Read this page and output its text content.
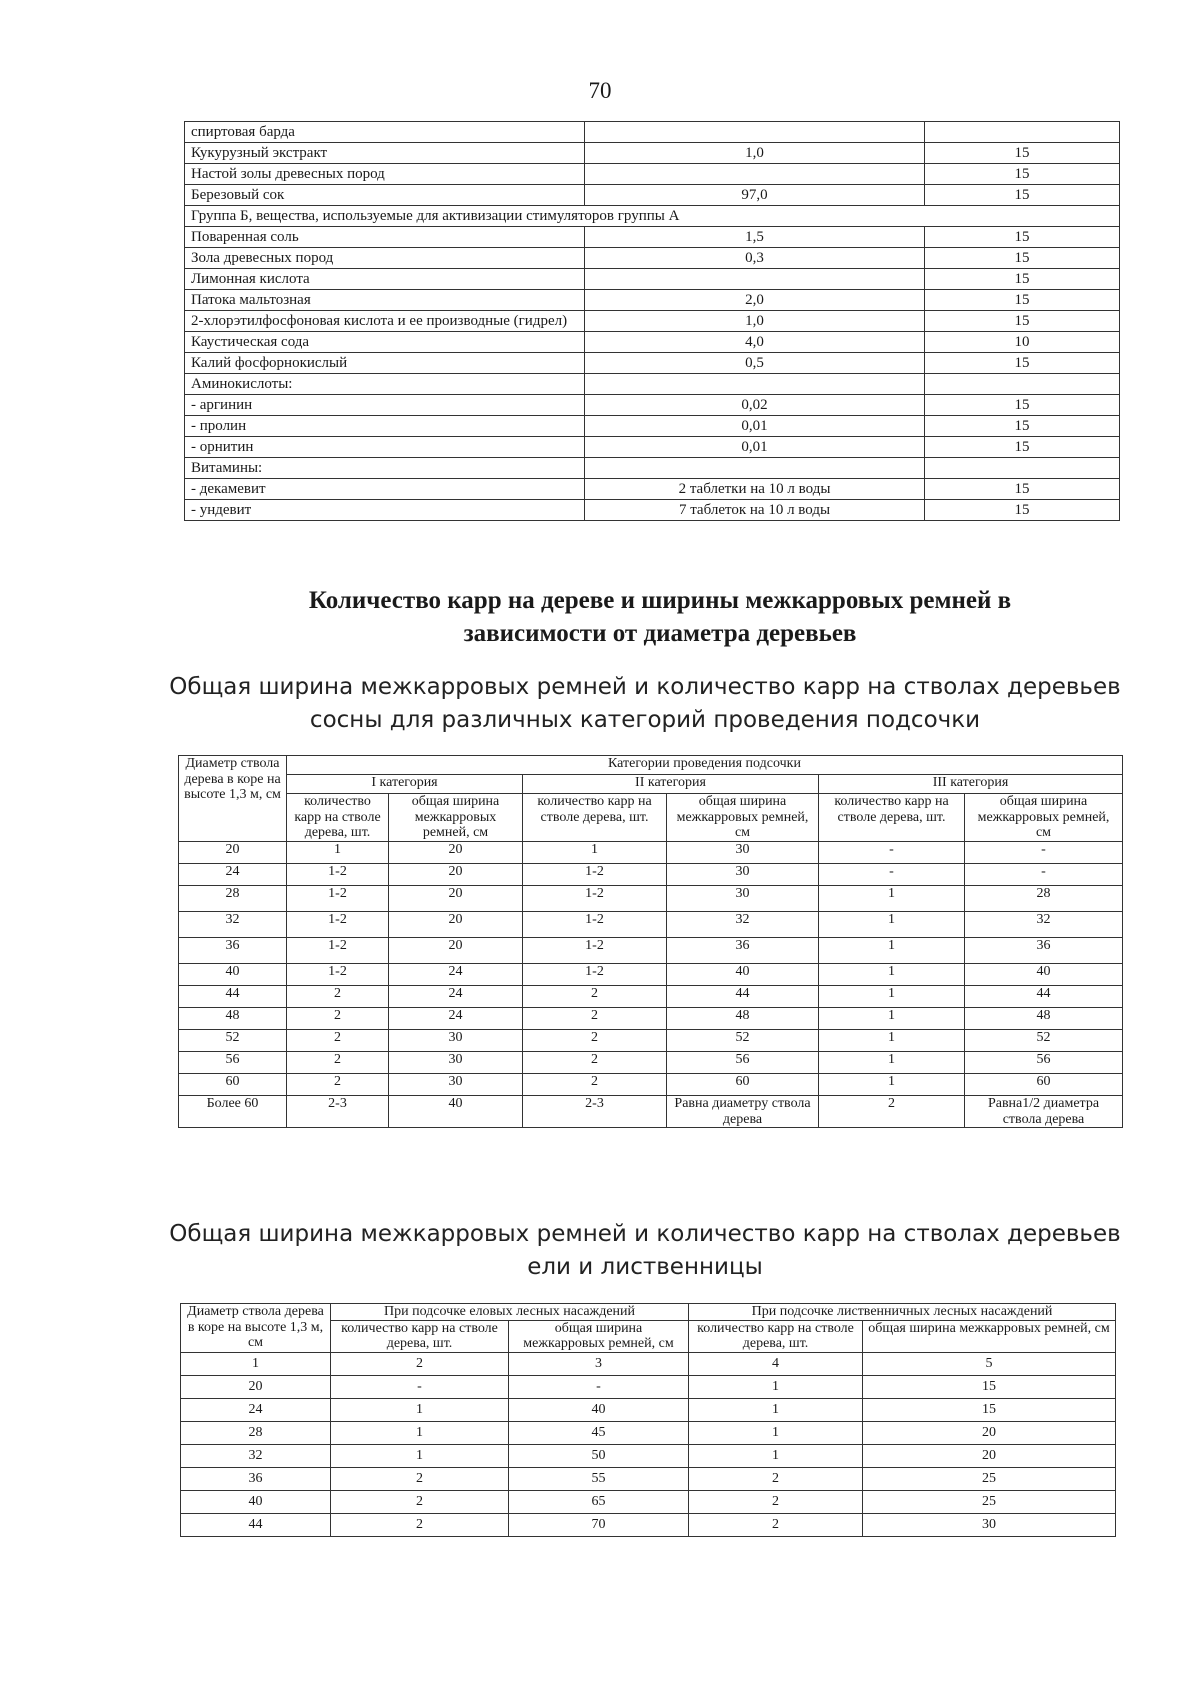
70
спиртовая барда		
Кукурузный экстракт	1,0	15
Настой золы древесных пород		15
Березовый сок	97,0	15
Группа Б, вещества, используемые для активизации стимуляторов группы А		
Поваренная соль	1,5	15
Зола древесных пород	0,3	15
Лимонная кислота		15
Патока мальтозная	2,0	15
2-хлорэтилфосфоновая кислота и ее производные (гидрел)	1,0	15
Каустическая сода	4,0	10
Калий фосфорнокислый	0,5	15
Аминокислоты:		
- аргинин	0,02	15
- пролин	0,01	15
- орнитин	0,01	15
Витамины:		
- декамевит	2 таблетки на 10 л воды	15
- ундевит	7 таблеток на 10 л воды	15
Количество карр на дереве и ширины межкарровых ремней в зависимости от диаметра деревьев
Общая ширина межкарровых ремней и количество карр на стволах деревьев сосны для различных категорий проведения подсочки
Диаметр ствола дерева в коре на высоте 1,3 м, см	Категории проведения подсочки					
	I категория		II категория		III категория	
	количество карр на стволе дерева, шт.	общая ширина межкарровых ремней, см	количество карр на стволе дерева, шт.	общая ширина межкарровых ремней, см	количество карр на стволе дерева, шт.	общая ширина межкарровых ремней, см
20	1	20	1	30	-	-
24	1-2	20	1-2	30	-	-
28	1-2	20	1-2	30	1	28
32	1-2	20	1-2	32	1	32
36	1-2	20	1-2	36	1	36
40	1-2	24	1-2	40	1	40
44	2	24	2	44	1	44
48	2	24	2	48	1	48
52	2	30	2	52	1	52
56	2	30	2	56	1	56
60	2	30	2	60	1	60
Более 60	2-3	40	2-3	Равна диаметру ствола дерева	2	Равна1/2 диаметра ствола дерева
Общая ширина межкарровых ремней и количество карр на стволах деревьев ели и лиственницы
Диаметр ствола дерева в коре на высоте 1,3 м, см	При подсочке еловых лесных насаждений		При подсочке лиственничных лесных насаждений	
	количество карр на стволе дерева, шт.	общая ширина межкарровых ремней, см	количество карр на стволе дерева, шт.	общая ширина межкарровых ремней, см
1	2	3	4	5
20	-	-	1	15
24	1	40	1	15
28	1	45	1	20
32	1	50	1	20
36	2	55	2	25
40	2	65	2	25
44	2	70	2	30
